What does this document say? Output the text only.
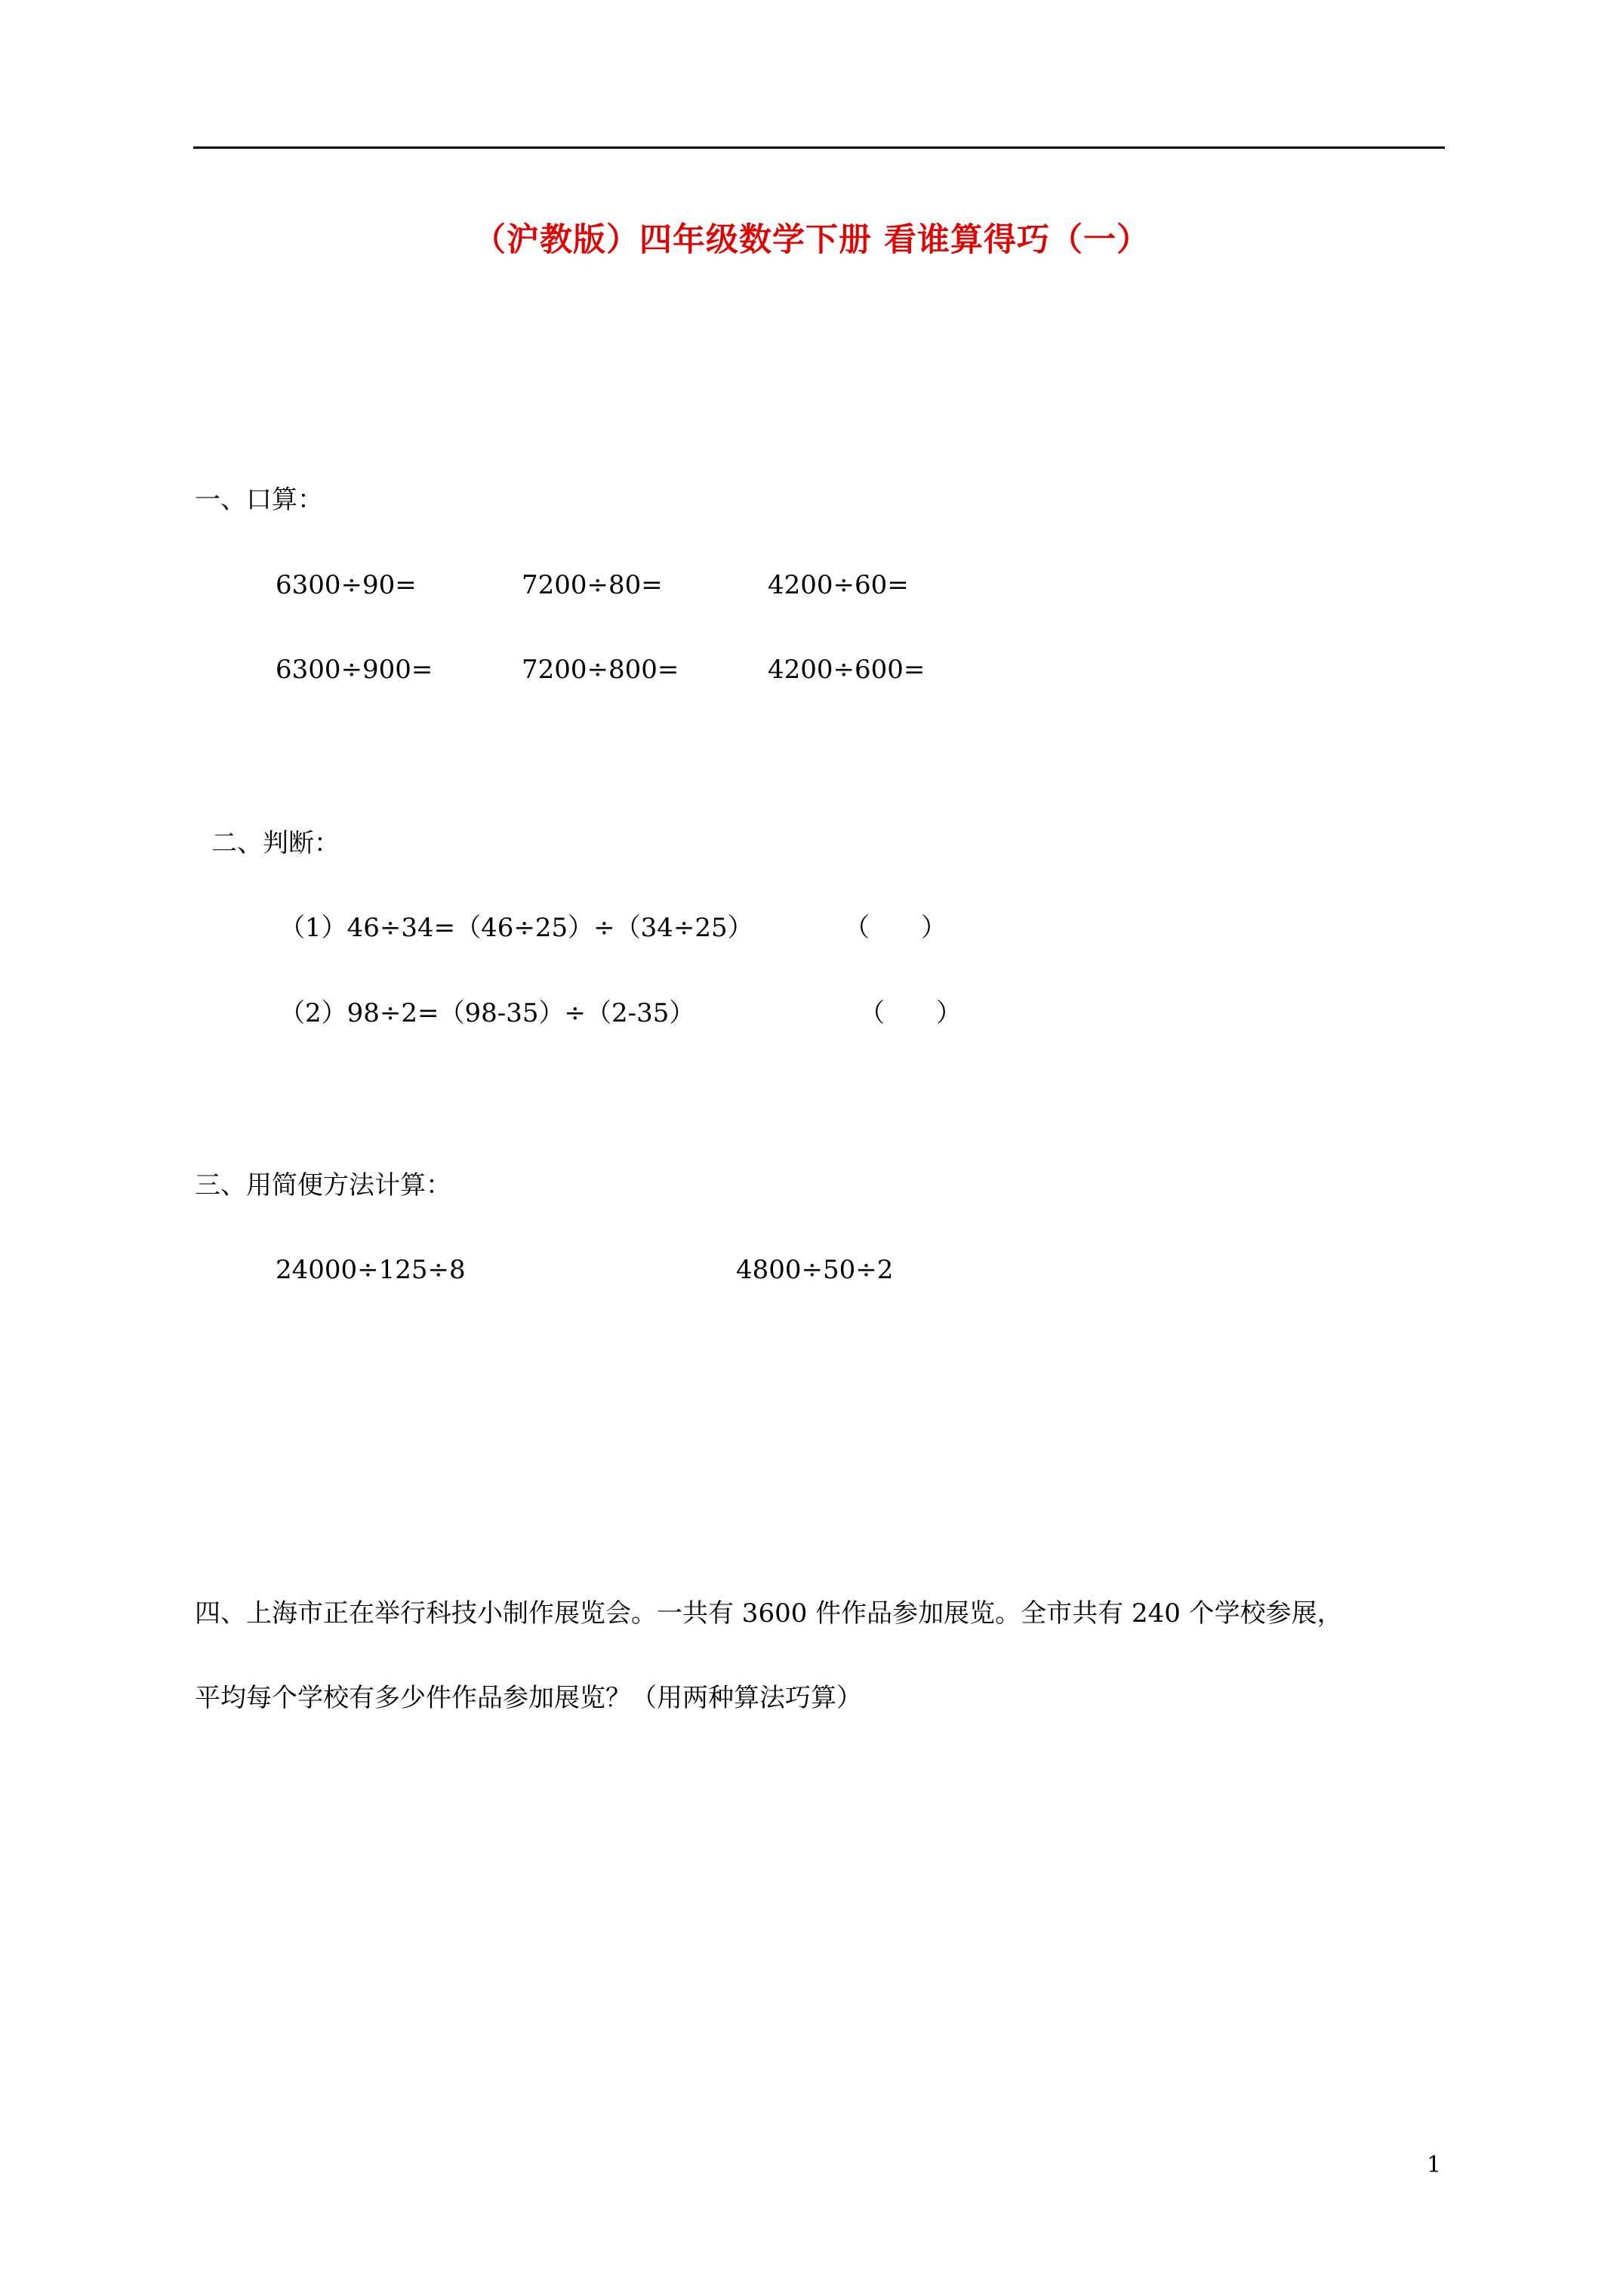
（沪教版）四年级数学下册 看谁算得巧（一）
一、口算：
6300÷90=	7200÷80=	4200÷60=
6300÷900=	7200÷800=	4200÷600=
二、判断：
（1）46÷34=（46÷25）÷（34÷25）	（　　）
（2）98÷2=（98-35）÷（2-35）	（　　）
三、用简便方法计算：
24000÷125÷8	4800÷50÷2
四、上海市正在举行科技小制作展览会。一共有 3600 件作品参加展览。全市共有 240 个学校参展，
平均每个学校有多少件作品参加展览？（用两种算法巧算）
1
